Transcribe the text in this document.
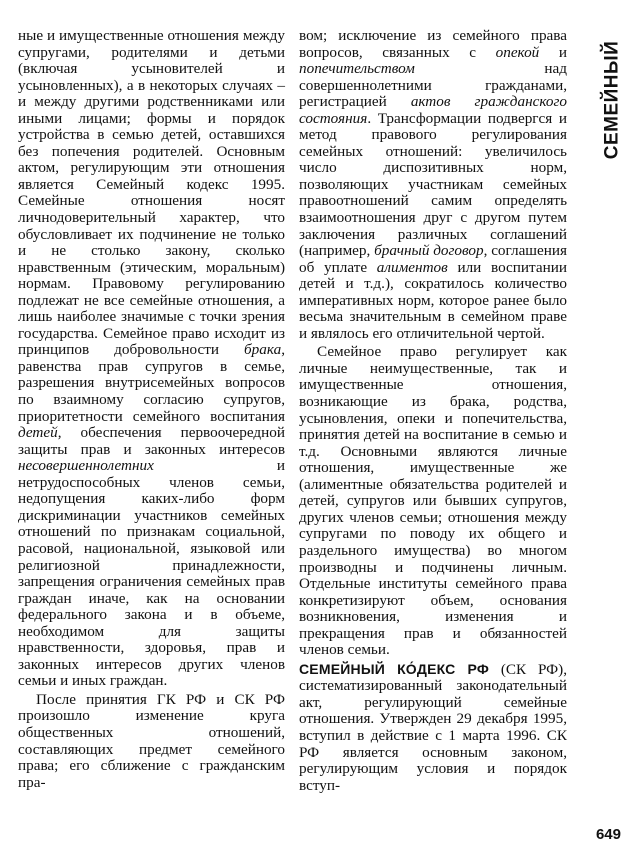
ные и имущественные отношения между супругами, родителями и детьми (включая усыновителей и усыновленных), а в некоторых случаях – и между другими родственниками или иными лицами; формы и порядок устройства в семью детей, оставшихся без попечения родителей. Основным актом, регулирующим эти отношения является Семейный кодекс 1995. Семейные отношения носят личнодоверительный характер, что обусловливает их подчинение не только и не столько закону, сколько нравственным (этическим, моральным) нормам. Правовому регулированию подлежат не все семейные отношения, а лишь наиболее значимые с точки зрения государства. Семейное право исходит из принципов добровольности брака, равенства прав супругов в семье, разрешения внутрисемейных вопросов по взаимному согласию супругов, приоритетности семейного воспитания детей, обеспечения первоочередной защиты прав и законных интересов несовершеннолетних и нетрудоспособных членов семьи, недопущения каких-либо форм дискриминации участников семейных отношений по признакам социальной, расовой, национальной, языковой или религиозной принадлежности, запрещения ограничения семейных прав граждан иначе, как на основании федерального закона и в объеме, необходимом для защиты нравственности, здоровья, прав и законных интересов других членов семьи и иных граждан.

После принятия ГК РФ и СК РФ произошло изменение круга общественных отношений, составляющих предмет семейного права; его сближение с гражданским пра-

вом; исключение из семейного права вопросов, связанных с опекой и попечительством над совершеннолетними гражданами, регистрацией актов гражданского состояния. Трансформации подвергся и метод правового регулирования семейных отношений: увеличилось число диспозитивных норм, позволяющих участникам семейных правоотношений самим определять взаимоотношения друг с другом путем заключения различных соглашений (например, брачный договор, соглашения об уплате алиментов или воспитании детей и т.д.), сократилось количество императивных норм, которое ранее было весьма значительным в семейном праве и являлось его отличительной чертой.

Семейное право регулирует как личные неимущественные, так и имущественные отношения, возникающие из брака, родства, усыновления, опеки и попечительства, принятия детей на воспитание в семью и т.д. Основными являются личные отношения, имущественные же (алиментные обязательства родителей и детей, супругов или бывших супругов, других членов семьи; отношения между супругами по поводу их общего и раздельного имущества) во многом производны и подчинены личным. Отдельные институты семейного права конкретизируют объем, основания возникновения, изменения и прекращения прав и обязанностей членов семьи.

СЕМЕЙНЫЙ КО́ДЕКС РФ (СК РФ), систематизированный законодательный акт, регулирующий семейные отношения. Утвержден 29 декабря 1995, вступил в действие с 1 марта 1996. СК РФ является основным законом, регулирующим условия и порядок вступ-

СЕМЕЙНЫЙ
649
